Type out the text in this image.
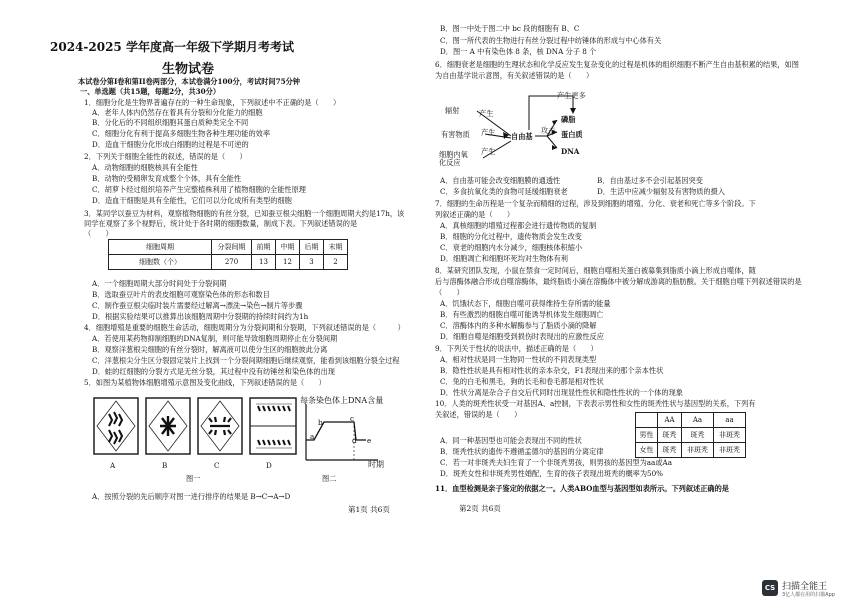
2024-2025 学年度高一年级下学期月考考试
生物试卷
本试卷分第I卷和第II卷两部分，本试卷满分100分，考试时间75分钟
一、单选题（共15题，每题2分，共30分）
1．细胞分化是生物界普遍存在的一种生命现象，下列叙述中不正确的是（　　）
A．老年人体内仍然存在着具有分裂和分化能力的细胞
B．分化后的不同组织细胞其蛋白质种类完全不同
C．细胞分化有利于提高多细胞生物各种生理功能的效率
D．造血干细胞分化形成白细胞的过程是不可逆的
2．下列关于细胞全能性的叙述，错误的是（　　）
A．动物细胞的细胞核具有全能性
B．动物的受精卵发育成整个个体，具有全能性
C．胡萝卜经过组织培养产生完整植株利用了植物细胞的全能性原理
D．造血干细胞是具有全能性，它们可以分化成所有类型的细胞
3．某同学以蚕豆为材料，观察植物细胞的有丝分裂，已知蚕豆根尖细胞一个细胞周期大约是17h，该
同学在观察了多个视野后，统计处于各时期的细胞数量，制成下表。下列叙述错误的是
（　　）
细胞周期	分裂间期	前期	中期	后期	末期
细胞数（个）	270	13	12	3	2
A．一个细胞周期大部分时间处于分裂间期
B．选取蚕豆叶片的表皮细胞可观察染色体的形态和数目
C．制作蚕豆根尖临时装片需要经过解离→漂洗→染色→制片等步骤
D．根据实验结果可以推算出该细胞周期中分裂期的持续时间约为1h
4．细胞增殖是重要的细胞生命活动，细胞周期分为分裂间期和分裂期，下列叙述错误的是（　　　）
A．若使用某药物抑制细胞的DNA复制，则可能导致细胞周期停止在分裂间期
B．观察洋葱根尖细胞的有丝分裂时，解离液可以使分生区的细胞彼此分离
C．洋葱根尖分生区分裂固定装片上找到一个分裂间期细胞后继续观察，能看到该细胞分裂全过程
D．蛙的红细胞的分裂方式是无丝分裂，其过程中没有纺锤丝和染色体的出现
5．如图为某植物体细胞增殖示意图及变化曲线，下列叙述错误的是（　　）
A	B	C	D
图一
每条染色体上DNA含量
a
b	c
d e
时期
图二
A．按照分裂的先后顺序对图一进行排序的结果是 B→C→A→D
第1页 共6页
B．图一中处于图二中 bc 段的细胞有 B、C
C．图一所代表的生物进行有丝分裂过程中纺锤体的形成与中心体有关
D．图一 A 中有染色体 8 条，核 DNA 分子 8 个
6．细胞衰老是细胞的生理状态和化学反应发生复杂变化的过程是机体的组织细胞不断产生自由基积累的结果，如图
为自由基学说示意图，有关叙述错误的是（　　）
辐射
有害物质
细胞内氧化反应
产生
产生
产生
自由基
攻击
产生更多
磷脂
蛋白质
DNA
A．自由基可能会改变细胞膜的通透性	B．自由基过多不会引起基因突变
C．多食抗氧化类的食物可延缓细胞衰老	D．生活中应减少辐射及有害物质的摄入
7．细胞的生命历程是一个复杂而精细的过程，涉及到细胞的增殖、分化、衰老和死亡等多个阶段。下
列叙述正确的是（　　）
A．真核细胞的增殖过程都会进行遗传物质的复制
B．细胞的分化过程中，遗传物质会发生改变
C．衰老的细胞内水分减少，细胞核体积缩小
D．细胞凋亡和细胞坏死均对生物体有利
8．某研究团队发现，小鼠在禁食一定时间后，细胞自噬相关蛋白被募集到脂质小滴上形成自噬体，随
后与溶酶体融合形成自噬溶酶体，最终脂质小滴在溶酶体中被分解成游离的脂肪酸。关于细胞自噬下列叙述错误的是
（　　）
A．饥饿状态下，细胞自噬可获得维持生存所需的能量
B．有些激烈的细胞自噬可能诱导机体发生细胞凋亡
C．溶酶体内的多种水解酶参与了脂质小滴的降解
D．细胞自噬是细胞受到损伤时表现出的应激性反应
9．下列关于性状的说法中，描述正确的是（　　）
A．相对性状是同一生物同一性状的不同表现类型
B．隐性性状是具有相对性状的亲本杂交，F1表现出来的那个亲本性状
C．兔的白毛和黑毛，狗的长毛和卷毛都是相对性状
D．性状分离是杂合子自交后代同时出现显性性状和隐性性状的一个体的现象
10．人类的斑秃性状受一对基因A、a控制，下表表示男性和女性的斑秃性状与基因型的关系，下列有
关叙述，错误的是（　　）
	AA	Aa	aa
男性	斑秃	斑秃	非斑秃
女性	斑秃	非斑秃	非斑秃
A．同一种基因型也可能会表现出不同的性状
B．斑秃性状的遗传不遵循孟德尔的基因的分离定律
C．若一对非斑秃夫妇生育了一个非斑秃男孩，则男孩的基因型为aa或Aa
D．斑秃女性和非斑秃男性婚配，生育的孩子表现出斑秃的概率为50%
11．血型检测是亲子鉴定的依据之一。人类ABO血型与基因型如表所示。下列叙述正确的是
第2页 共6页
CS 扫描全能王
3亿人都在用的扫描App
